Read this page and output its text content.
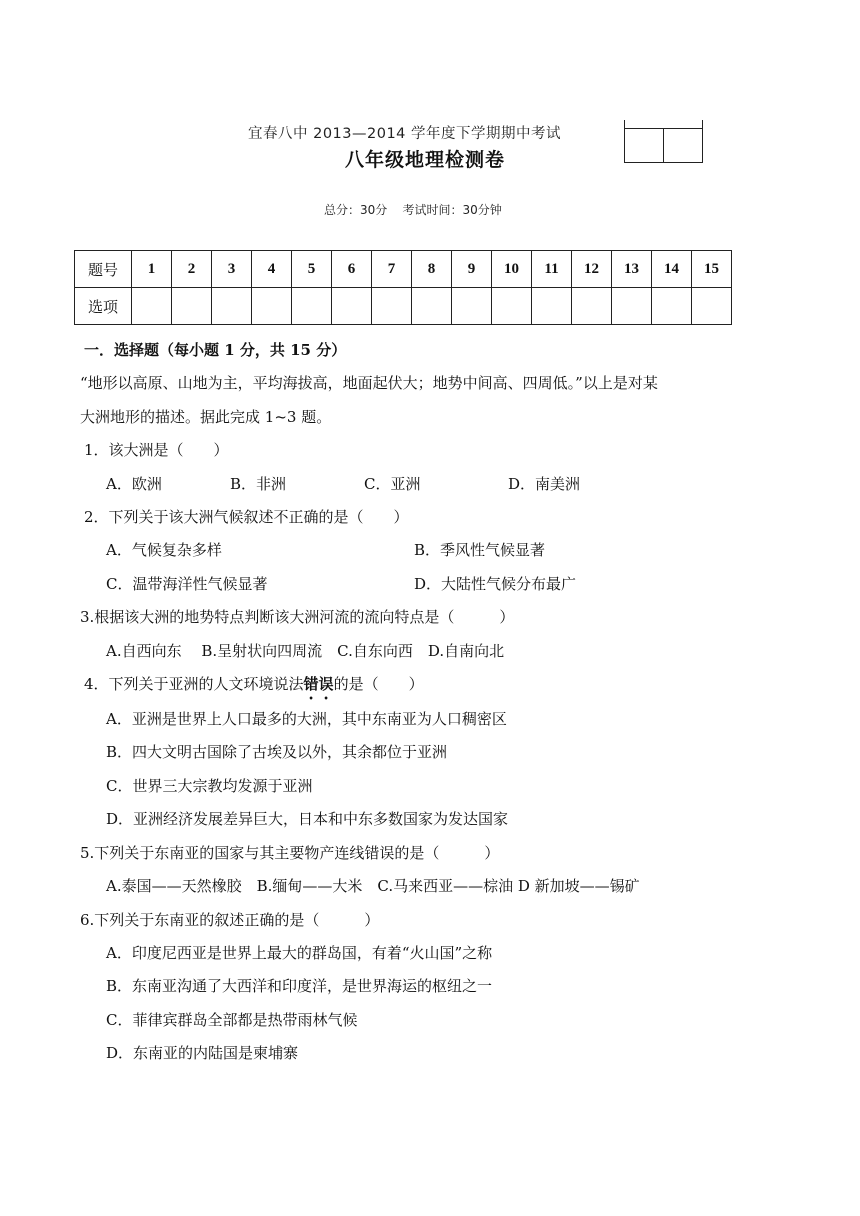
宜春八中 2013—2014 学年度下学期期中考试
八年级地理检测卷
总分：30分    考试时间：30分钟
题号	1	2	3	4	5	6	7	8	9	10	11	12	13	14	15
选项															

一．选择题（每小题 1 分，共 15 分）

“地形以高原、山地为主，平均海拔高，地面起伏大；地势中间高、四周低。”以上是对某

大洲地形的描述。据此完成 1~3 题。

1．该大洲是（　　）

A．欧洲	B．非洲	C．亚洲	D．南美洲

2．下列关于该大洲气候叙述不正确的是（　　）

A．气候复杂多样	B．季风性气候显著

C．温带海洋性气候显著	D．大陆性气候分布最广

3.根据该大洲的地势特点判断该大洲河流的流向特点是（　　　）

A.自西向东　 B.呈射状向四周流　C.自东向西　D.自南向北

4．下列关于亚洲的人文环境说法错误的是（　　）

A．亚洲是世界上人口最多的大洲，其中东南亚为人口稠密区

B．四大文明古国除了古埃及以外，其余都位于亚洲

C．世界三大宗教均发源于亚洲

D．亚洲经济发展差异巨大，日本和中东多数国家为发达国家

5.下列关于东南亚的国家与其主要物产连线错误的是（　　　）

A.泰国——天然橡胶　B.缅甸——大米　C.马来西亚——棕油 D 新加坡——锡矿

6.下列关于东南亚的叙述正确的是（　　　）

A．印度尼西亚是世界上最大的群岛国，有着“火山国”之称

B．东南亚沟通了大西洋和印度洋，是世界海运的枢纽之一

C．菲律宾群岛全部都是热带雨林气候

D．东南亚的内陆国是柬埔寨
